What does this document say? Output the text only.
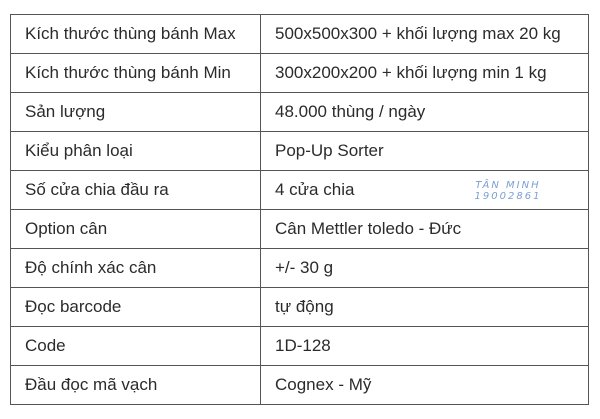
Kích thước thùng bánh Max	500x500x300 + khối lượng max 20 kg
Kích thước thùng bánh Min	300x200x200 + khối lượng min 1 kg
Sản lượng	48.000 thùng / ngày
Kiểu phân loại	Pop-Up Sorter
Số cửa chia đầu ra	4 cửa chia
Option cân	Cân Mettler toledo - Đức
Độ chính xác cân	+/- 30 g
Đọc barcode	tự động
Code	1D-128
Đầu đọc mã vạch	Cognex - Mỹ
TÂN MINH
19002861
